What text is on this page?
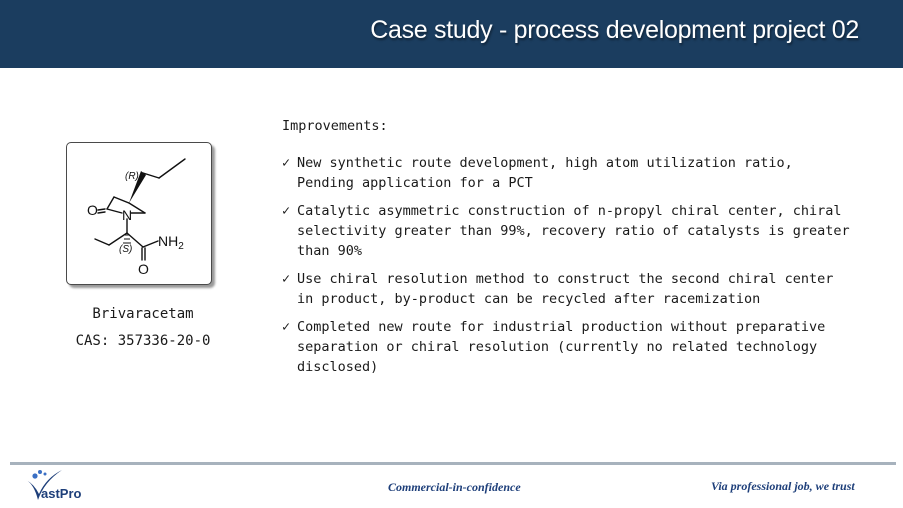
Case study - process development project 02
(R)
O N
(S)
$NH_2$
O
Brivaracetam
CAS: 357336-20-0
Improvements:
✓ New synthetic route development, high atom utilization ratio,
Pending application for a PCT
✓ Catalytic asymmetric construction of n-propyl chiral center, chiral
selectivity greater than 99%, recovery ratio of catalysts is greater
than 90%
✓ Use chiral resolution method to construct the second chiral center
in product, by-product can be recycled after racemization
✓ Completed new route for industrial production without preparative
separation or chiral resolution (currently no related technology
disclosed)
astPro	Commercial-in-confidence	Via professional job, we trust
